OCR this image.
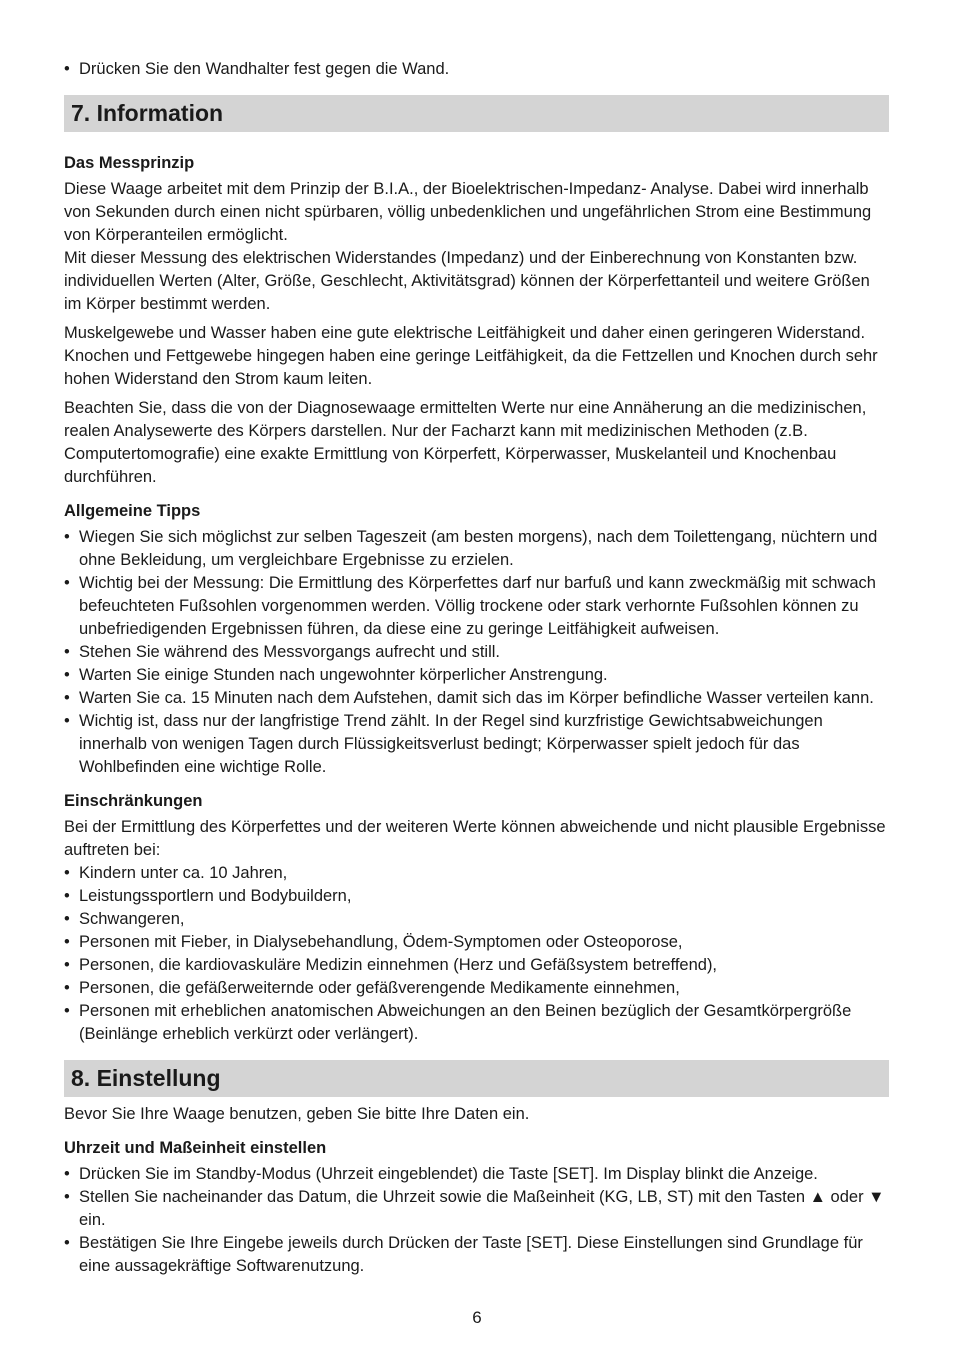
• Drücken Sie den Wandhalter fest gegen die Wand.
7. Information
Das Messprinzip

Diese Waage arbeitet mit dem Prinzip der B.I.A., der Bioelektrischen-Impedanz- Analyse. Dabei wird innerhalb von Sekunden durch einen nicht spürbaren, völlig unbedenklichen und ungefährlichen Strom eine Bestimmung von Körperanteilen ermöglicht.

Mit dieser Messung des elektrischen Widerstandes (Impedanz) und der Einberechnung von Konstanten bzw. individuellen Werten (Alter, Größe, Geschlecht, Aktivitätsgrad) können der Körperfettanteil und weitere Größen im Körper bestimmt werden.

Muskelgewebe und Wasser haben eine gute elektrische Leitfähigkeit und daher einen geringeren Widerstand. Knochen und Fettgewebe hingegen haben eine geringe Leitfähigkeit, da die Fettzellen und Knochen durch sehr hohen Widerstand den Strom kaum leiten.

Beachten Sie, dass die von der Diagnosewaage ermittelten Werte nur eine Annäherung an die medizinischen, realen Analysewerte des Körpers darstellen. Nur der Facharzt kann mit medizinischen Methoden (z.B. Computertomografie) eine exakte Ermittlung von Körperfett, Körperwasser, Muskelanteil und Knochenbau durchführen.

Allgemeine Tipps
• Wiegen Sie sich möglichst zur selben Tageszeit (am besten morgens), nach dem Toilettengang, nüchtern und ohne Bekleidung, um vergleichbare Ergebnisse zu erzielen.
• Wichtig bei der Messung: Die Ermittlung des Körperfettes darf nur barfuß und kann zweckmäßig mit schwach befeuchteten Fußsohlen vorgenommen werden. Völlig trockene oder stark verhornte Fußsohlen können zu unbefriedigenden Ergebnissen führen, da diese eine zu geringe Leitfähigkeit aufweisen.
• Stehen Sie während des Messvorgangs aufrecht und still.
• Warten Sie einige Stunden nach ungewohnter körperlicher Anstrengung.
• Warten Sie ca. 15 Minuten nach dem Aufstehen, damit sich das im Körper befindliche Wasser verteilen kann.
• Wichtig ist, dass nur der langfristige Trend zählt. In der Regel sind kurzfristige Gewichtsabweichungen innerhalb von wenigen Tagen durch Flüssigkeitsverlust bedingt; Körperwasser spielt jedoch für das Wohlbefinden eine wichtige Rolle.
Einschränkungen

Bei der Ermittlung des Körperfettes und der weiteren Werte können abweichende und nicht plausible Ergebnisse auftreten bei:

• Kindern unter ca. 10 Jahren,
• Leistungssportlern und Bodybuildern,
• Schwangeren,
• Personen mit Fieber, in Dialysebehandlung, Ödem-Symptomen oder Osteoporose,
• Personen, die kardiovaskuläre Medizin einnehmen (Herz und Gefäßsystem betreffend),
• Personen, die gefäßerweiternde oder gefäßverengende Medikamente einnehmen,
• Personen mit erheblichen anatomischen Abweichungen an den Beinen bezüglich der Gesamtkörpergröße (Beinlänge erheblich verkürzt oder verlängert).
8. Einstellung

Bevor Sie Ihre Waage benutzen, geben Sie bitte Ihre Daten ein.

Uhrzeit und Maßeinheit einstellen
• Drücken Sie im Standby-Modus (Uhrzeit eingeblendet) die Taste [SET]. Im Display blinkt die Anzeige.
• Stellen Sie nacheinander das Datum, die Uhrzeit sowie die Maßeinheit (KG, LB, ST) mit den Tasten ▲ oder ▼ ein.
• Bestätigen Sie Ihre Eingebe jeweils durch Drücken der Taste [SET]. Diese Einstellungen sind Grundlage für eine aussagekräftige Softwarenutzung.
6
